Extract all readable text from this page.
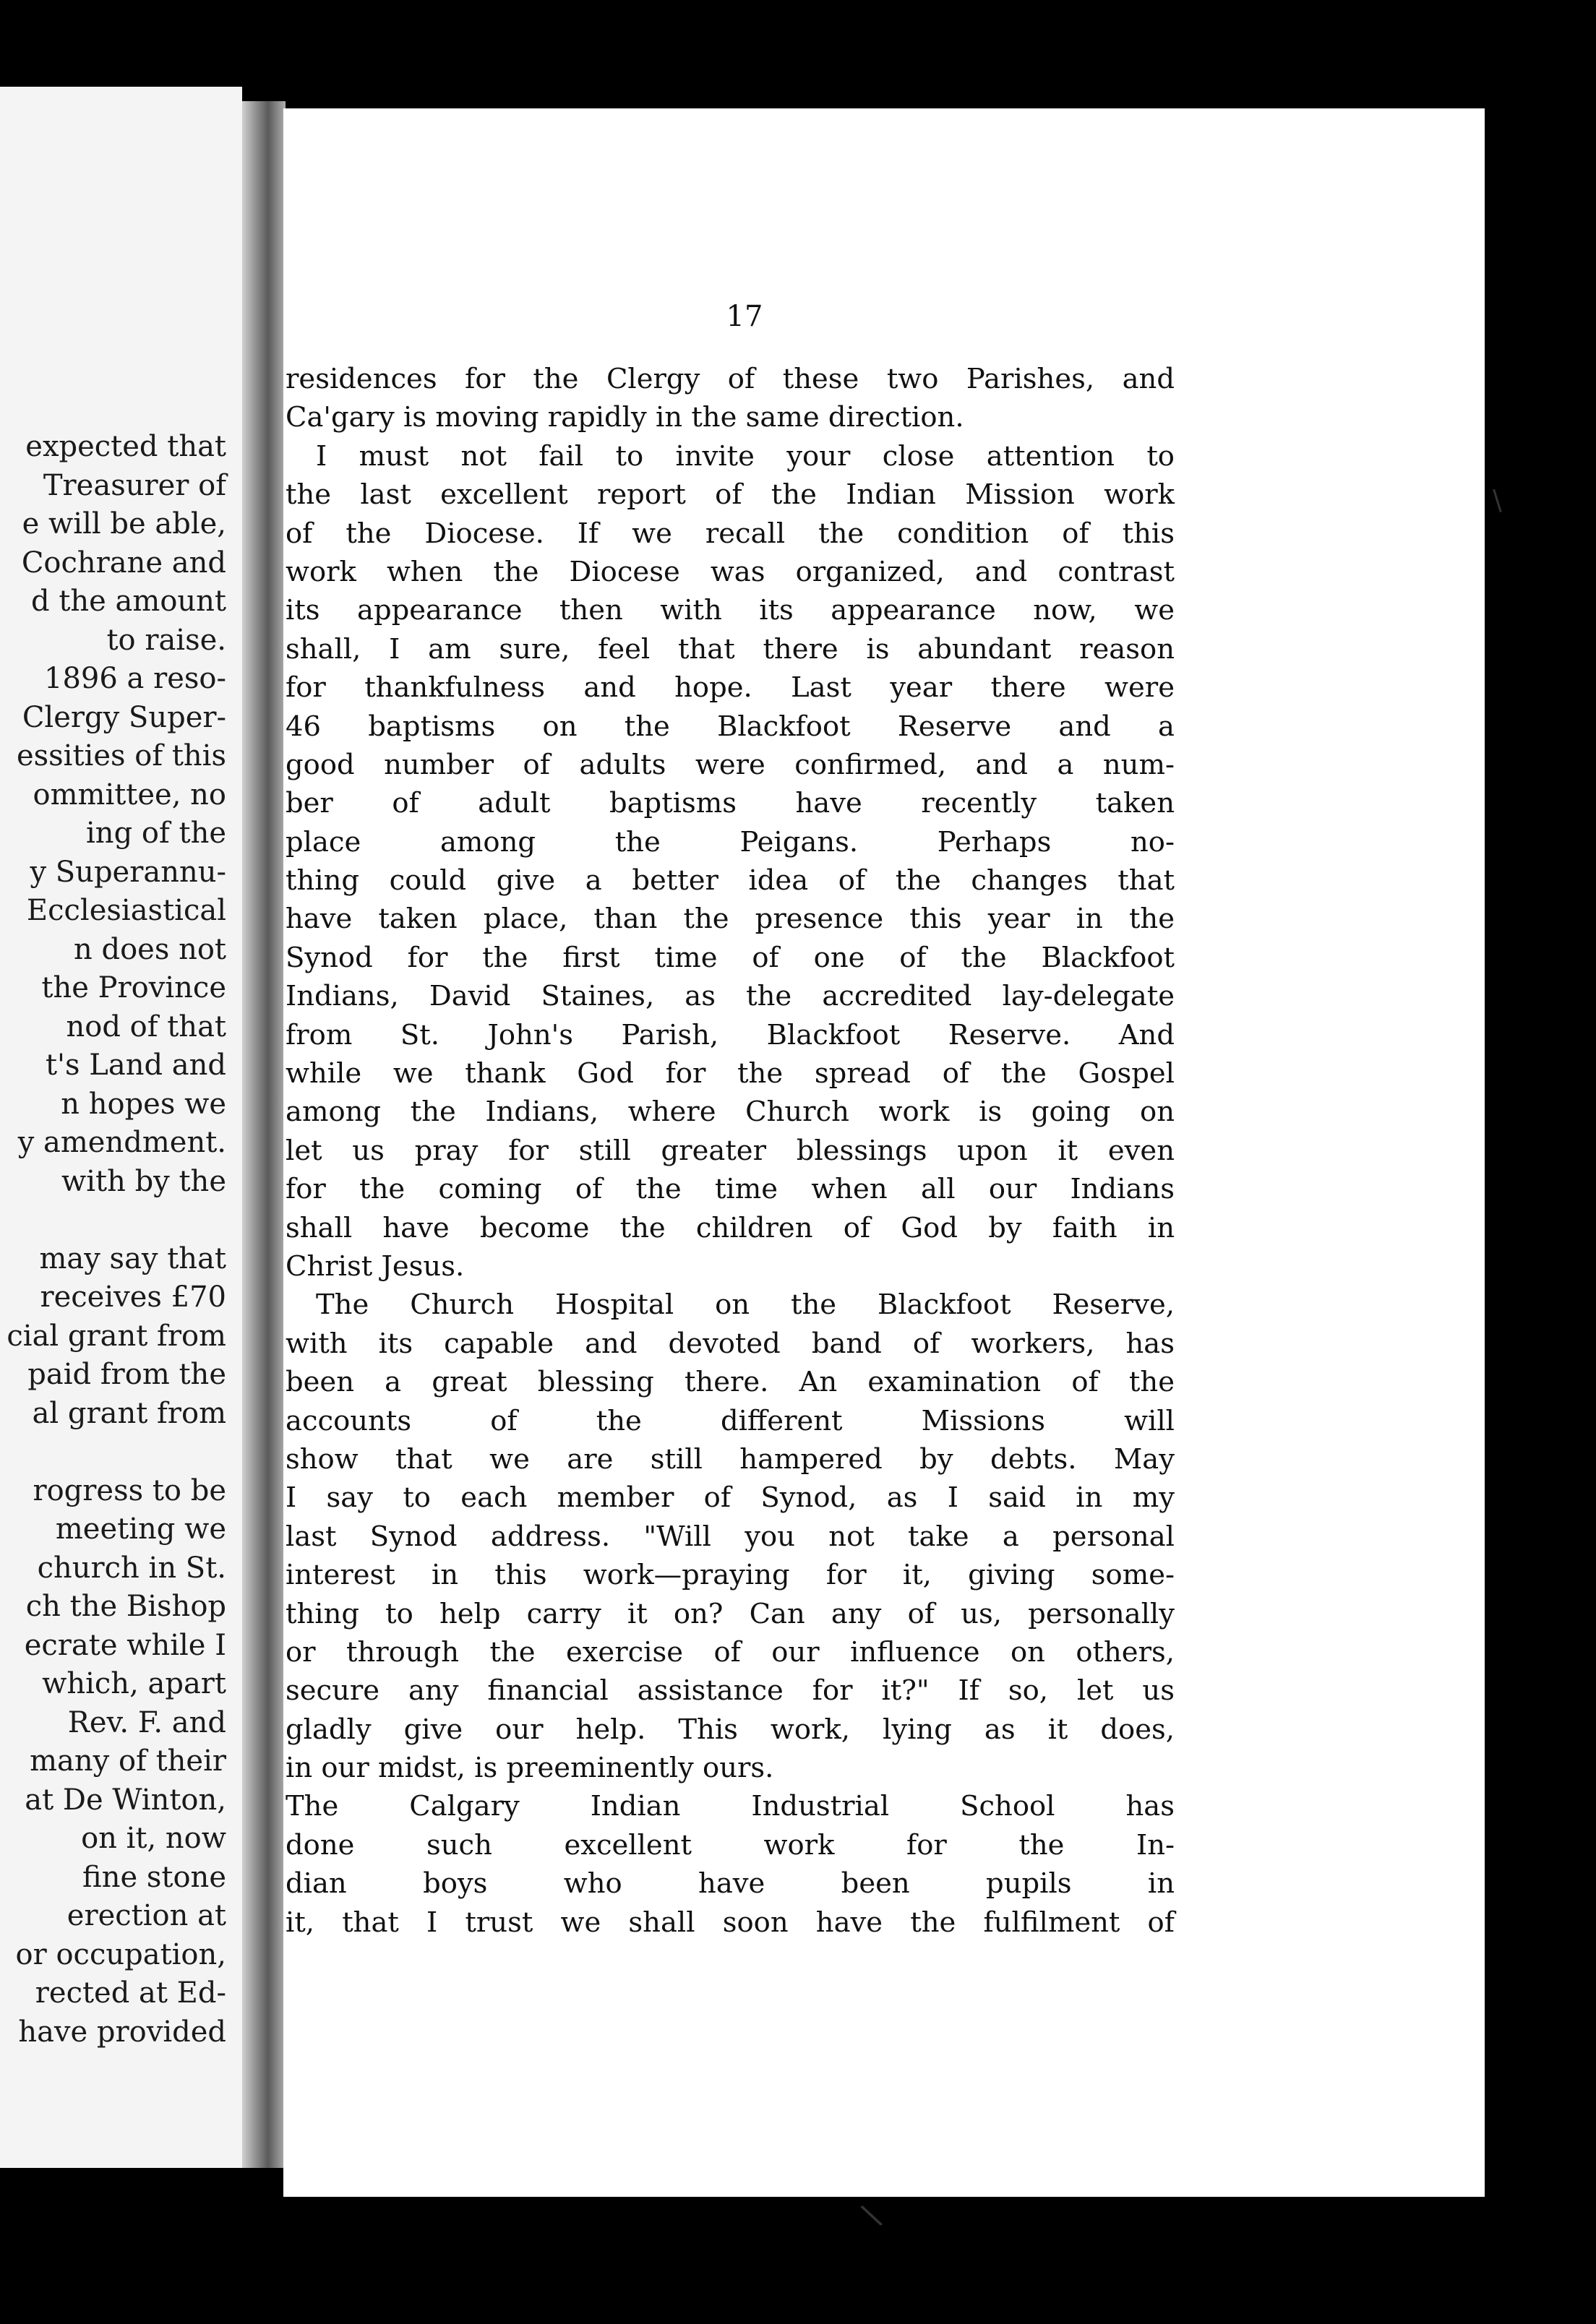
expected that
Treasurer of
e will be able,
Cochrane and
d the amount
to raise.
1896 a reso-
Clergy Super-
essities of this
ommittee, no
ing of the
y Superannu-
Ecclesiastical
n does not
the Province
nod of that
t's Land and
n hopes we
y amendment.
with by the
may say that
receives £70
cial grant from
paid from the
al grant from
rogress to be
meeting we
church in St.
ch the Bishop
ecrate while I
which, apart
Rev. F. and
many of their
at De Winton,
on it, now
fine stone
erection at
or occupation,
rected at Ed-
have provided
17
residences for the Clergy of these two Parishes, and
Ca'gary is moving rapidly in the same direction.
I must not fail to invite your close attention to
the last excellent report of the Indian Mission work
of the Diocese. If we recall the condition of this
work when the Diocese was organized, and contrast
its appearance then with its appearance now, we
shall, I am sure, feel that there is abundant reason
for thankfulness and hope. Last year there were
46 baptisms on the Blackfoot Reserve and a
good number of adults were confirmed, and a num-
ber of adult baptisms have recently taken
place among the Peigans. Perhaps no-
thing could give a better idea of the changes that
have taken place, than the presence this year in the
Synod for the first time of one of the Blackfoot
Indians, David Staines, as the accredited lay-delegate
from St. John's Parish, Blackfoot Reserve. And
while we thank God for the spread of the Gospel
among the Indians, where Church work is going on
let us pray for still greater blessings upon it even
for the coming of the time when all our Indians
shall have become the children of God by faith in
Christ Jesus.
The Church Hospital on the Blackfoot Reserve,
with its capable and devoted band of workers, has
been a great blessing there. An examination of the
accounts of the different Missions will
show that we are still hampered by debts. May
I say to each member of Synod, as I said in my
last Synod address. "Will you not take a personal
interest in this work—praying for it, giving some-
thing to help carry it on? Can any of us, personally
or through the exercise of our influence on others,
secure any financial assistance for it?" If so, let us
gladly give our help. This work, lying as it does,
in our midst, is preeminently ours.
The Calgary Indian Industrial School has
done such excellent work for the In-
dian boys who have been pupils in
it, that I trust we shall soon have the fulfilment of
\
\
